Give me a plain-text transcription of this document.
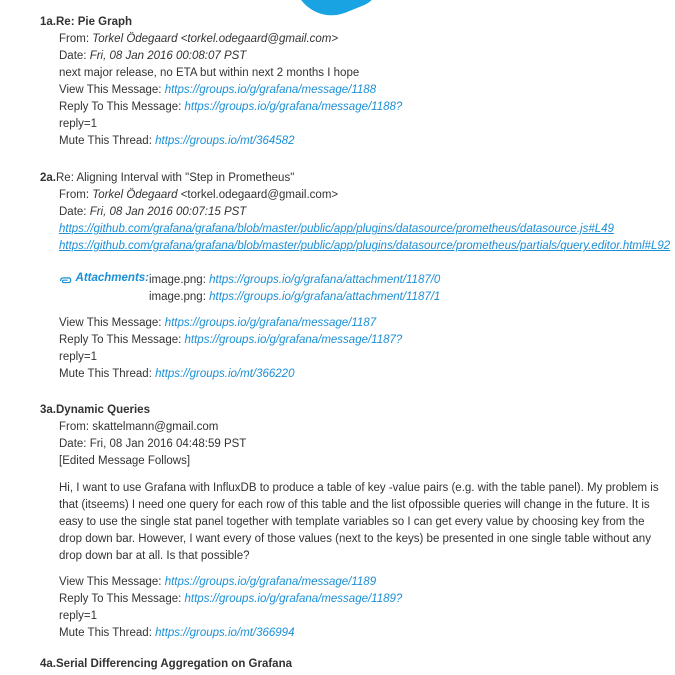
1a.Re: Pie Graph
From: Torkel Ödegaard <torkel.odegaard@gmail.com>
Date: Fri, 08 Jan 2016 00:08:07 PST
next major release, no ETA but within next 2 months I hope
View This Message: https://groups.io/g/grafana/message/1188
Reply To This Message: https://groups.io/g/grafana/message/1188?
reply=1
Mute This Thread: https://groups.io/mt/364582
2a.Re: Aligning Interval with "Step in Prometheus"
From: Torkel Ödegaard <torkel.odegaard@gmail.com>
Date: Fri, 08 Jan 2016 00:07:15 PST
https://github.com/grafana/grafana/blob/master/public/app/plugins/datasource/prometheus/datasource.js#L49
https://github.com/grafana/grafana/blob/master/public/app/plugins/datasource/prometheus/partials/query.editor.html#L92
Attachments: image.png: https://groups.io/g/grafana/attachment/1187/0
image.png: https://groups.io/g/grafana/attachment/1187/1
View This Message: https://groups.io/g/grafana/message/1187
Reply To This Message: https://groups.io/g/grafana/message/1187?
reply=1
Mute This Thread: https://groups.io/mt/366220
3a.Dynamic Queries
From: skattelmann@gmail.com
Date: Fri, 08 Jan 2016 04:48:59 PST
[Edited Message Follows]
Hi, I want to use Grafana with InfluxDB to produce a table of key -value pairs (e.g. with the table panel). My problem is that (itseems) I need one query for each row of this table and the list ofpossible queries will change in the future. It is easy to use the single stat panel together with template variables so I can get every value by choosing key from the drop down bar. However, I want every of those values (next to the keys) be presented in one single table without any drop down bar at all. Is that possible?
View This Message: https://groups.io/g/grafana/message/1189
Reply To This Message: https://groups.io/g/grafana/message/1189?
reply=1
Mute This Thread: https://groups.io/mt/366994
4a.Serial Differencing Aggregation on Grafana
